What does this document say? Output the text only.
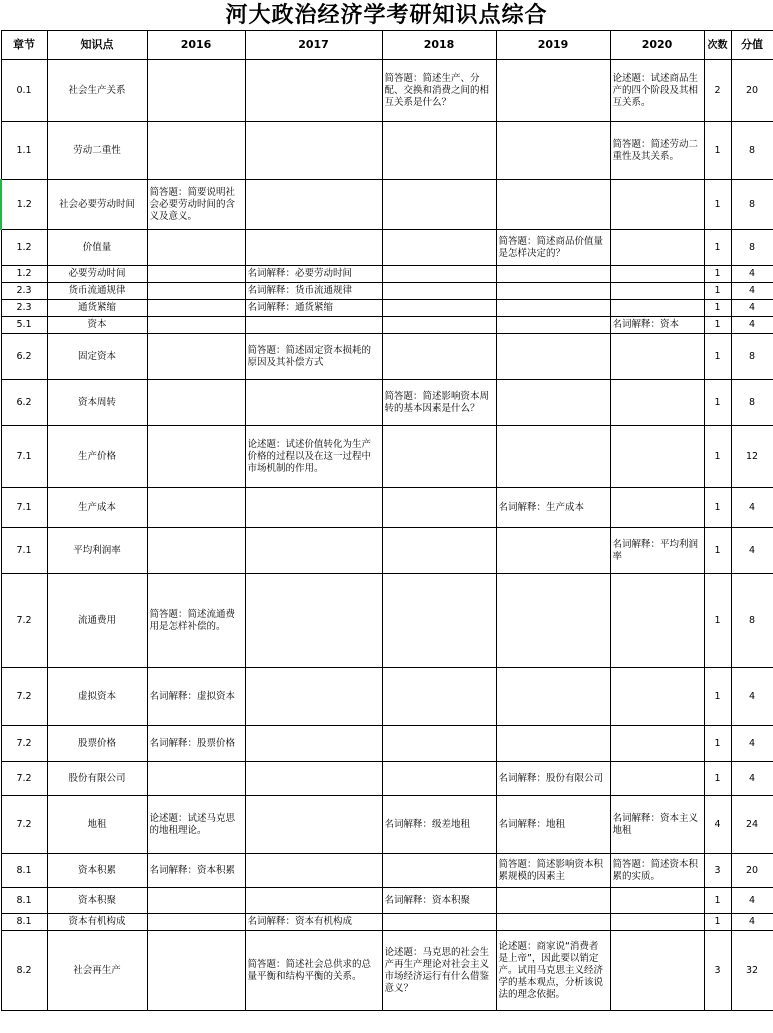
河大政治经济学考研知识点综合
章节	知识点	2016	2017	2018	2019	2020	次数	分值
0.1	社会生产关系			简答题：简述生产、分配、交换和消费之间的相互关系是什么？		论述题：试述商品生产的四个阶段及其相互关系。	2	20
1.1	劳动二重性					简答题：简述劳动二重性及其关系。	1	8
1.2	社会必要劳动时间	简答题：简要说明社会必要劳动时间的含义及意义。					1	8
1.2	价值量				简答题：简述商品价值量是怎样决定的？		1	8
1.2	必要劳动时间		名词解释：必要劳动时间				1	4
2.3	货币流通规律		名词解释：货币流通规律				1	4
2.3	通货紧缩		名词解释：通货紧缩				1	4
5.1	资本					名词解释：资本	1	4
6.2	固定资本		简答题：简述固定资本损耗的原因及其补偿方式				1	8
6.2	资本周转			简答题：简述影响资本周转的基本因素是什么？			1	8
7.1	生产价格		论述题：试述价值转化为生产价格的过程以及在这一过程中市场机制的作用。				1	12
7.1	生产成本				名词解释：生产成本		1	4
7.1	平均利润率					名词解释：平均利润率	1	4
7.2	流通费用	简答题：简述流通费用是怎样补偿的。					1	8
7.2	虚拟资本	名词解释：虚拟资本					1	4
7.2	股票价格	名词解释：股票价格					1	4
7.2	股份有限公司				名词解释：股份有限公司		1	4
7.2	地租	论述题：试述马克思的地租理论。		名词解释：级差地租	名词解释：地租	名词解释：资本主义地租	4	24
8.1	资本积累	名词解释：资本积累			简答题：简述影响资本积累规模的因素主	简答题：简述资本积累的实质。	3	20
8.1	资本积聚			名词解释：资本积聚			1	4
8.1	资本有机构成		名词解释：资本有机构成				1	4
8.2	社会再生产		简答题：简述社会总供求的总量平衡和结构平衡的关系。	论述题：马克思的社会生产再生产理论对社会主义市场经济运行有什么借鉴意义？	论述题：商家说“消费者是上帝”，因此要以销定产。试用马克思主义经济学的基本观点，分析该说法的理念依据。		3	32
